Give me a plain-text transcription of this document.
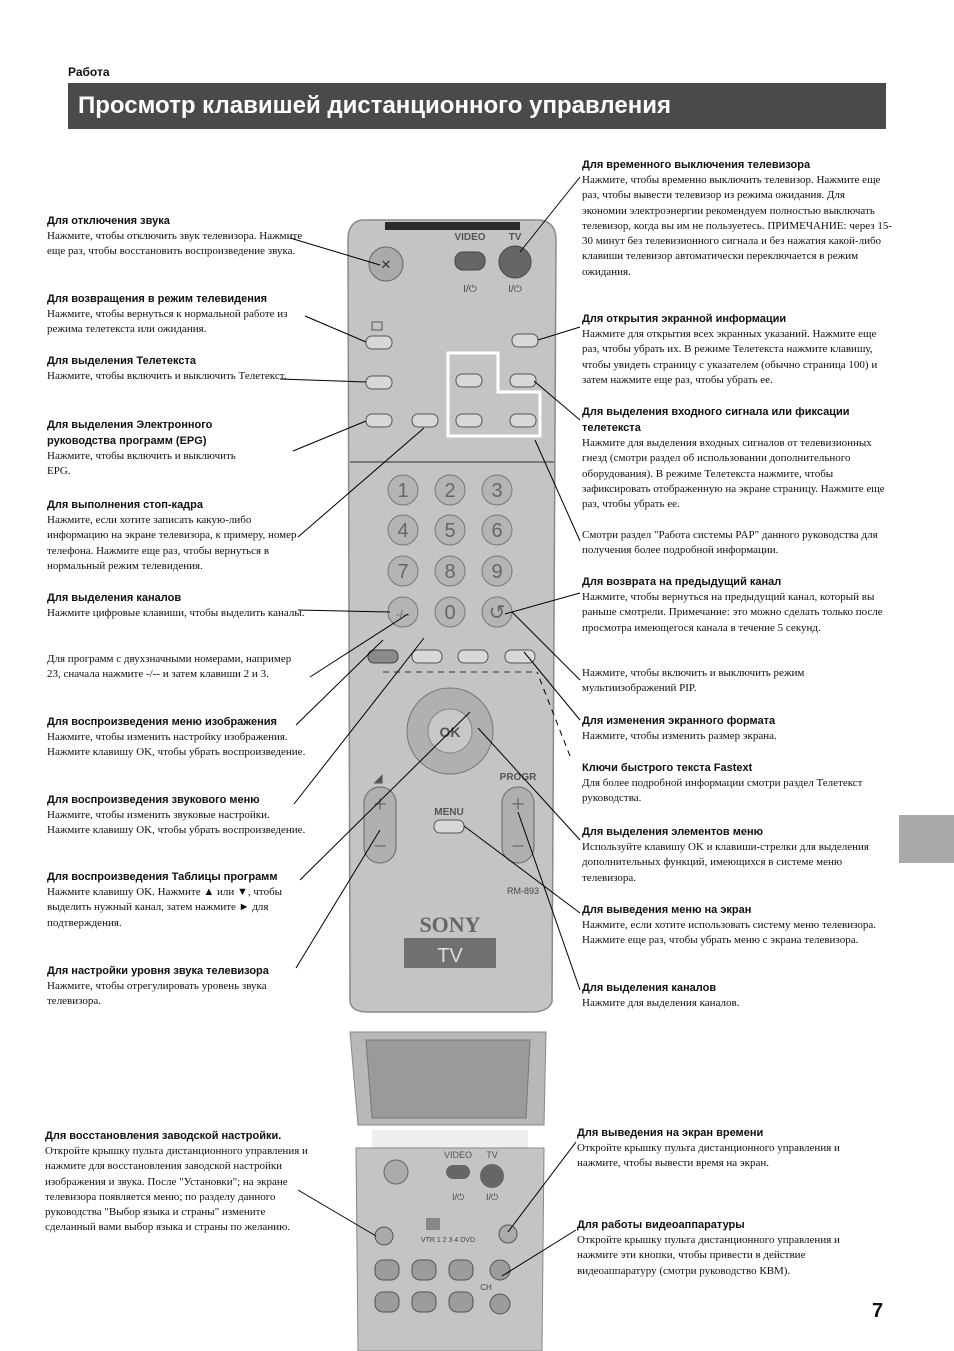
Работа
Просмотр клавишей дистанционного управления
Для отключения звука
Нажмите, чтобы отключить звук телевизора. Нажмите еще раз, чтобы восстановить воспроизведение звука.
Для возвращения в режим телевидения
Нажмите, чтобы вернуться к нормальной работе из режима телетекста или ожидания.
Для выделения Телетекста
Нажмите, чтобы включить и выключить Телетекст.
Для выделения Электронного руководства программ (EPG)
Нажмите, чтобы включить и выключить EPG.
Для выполнения стоп-кадра
Нажмите, если хотите записать какую-либо информацию на экране телевизора, к примеру, номер телефона. Нажмите еще раз, чтобы вернуться в нормальный режим телевидения.
Для выделения каналов
Нажмите цифровые клавиши, чтобы выделить каналы.
Для программ с двухзначными номерами, например 23, сначала нажмите -/-- и затем клавиши 2 и 3.
Для воспроизведения меню изображения
Нажмите, чтобы изменить настройку изображения. Нажмите клавишу OK, чтобы убрать воспроизведение.
Для воспроизведения звукового меню
Нажмите, чтобы изменить звуковые настройки. Нажмите клавишу OK, чтобы убрать воспроизведение.
Для воспроизведения Таблицы программ
Нажмите клавишу OK. Нажмите ▲ или ▼, чтобы выделить нужный канал, затем нажмите ► для подтверждения.
Для настройки уровня звука телевизора
Нажмите, чтобы отрегулировать уровень звука телевизора.
Для восстановления заводской настройки.
Откройте крышку пульта дистанционного управления и нажмите для восстановления заводской настройки изображения и звука. После "Установки"; на экране телевизора появляется меню; по разделу данного руководства "Выбор языка и страны" измените сделанный вами выбор языка и страны по желанию.
Для временного выключения телевизора
Нажмите, чтобы временно выключить телевизор. Нажмите еще раз, чтобы вывести телевизор из режима ожидания. Для экономии электроэнергии рекомендуем полностью выключать телевизор, когда вы им не пользуетесь. ПРИМЕЧАНИЕ: через 15-30 минут без телевизионного сигнала и без нажатия какой-либо клавиши телевизор автоматически переключается в режим ожидания.
Для открытия экранной информации
Нажмите для открытия всех экранных указаний. Нажмите еще раз, чтобы убрать их. В режиме Телетекста нажмите клавишу, чтобы увидеть страницу с указателем (обычно страница 100) и затем нажмите еще раз, чтобы убрать ее.
Для выделения входного сигнала или фиксации телетекста
Нажмите для выделения входных сигналов от телевизионных гнезд (смотри раздел об использовании дополнительного оборудования). В режиме Телетекста нажмите, чтобы зафиксировать отображенную на экране страницу. Нажмите еще раз, чтобы убрать ее.
Смотри раздел "Работа системы PAP" данного руководства для получения более подробной информации.
Для возврата на предыдущий канал
Нажмите, чтобы вернуться на предыдущий канал, который вы раньше смотрели. Примечание: это можно сделать только после просмотра имеющегося канала в течение 5 секунд.
Нажмите, чтобы включить и выключить режим мультиизображений PIP.
Для изменения экранного формата
Нажмите, чтобы изменить размер экрана.
Ключи быстрого текста Fastext
Для более подробной информации смотри раздел Телетекст руководства.
Для выделения элементов меню
Используйте клавишу OK и клавиши-стрелки для выделения дополнительных функций, имеющихся в системе меню телевизора.
Для выведения меню на экран
Нажмите, если хотите использовать систему меню телевизора. Нажмите еще раз, чтобы убрать меню с экрана телевизора.
Для выделения каналов
Нажмите для выделения каналов.
Для выведения на экран времени
Откройте крышку пульта дистанционного управления и нажмите, чтобы вывести время на экран.
Для работы видеоаппаратуры
Откройте крышку пульта дистанционного управления и нажмите эти кнопки, чтобы привести в действие видеоаппаратуру (смотри руководство КВМ).
7
✕
VIDEO TV
I/⏻	I/⏻
1 2 3
4 5 6
7 8 9
-/-- 0 ↺
OK
◢
+
−
MENU
PROGR
+
−
RM-893
SONY
TV
VIDEO TV
I/⏻ I/⏻
VTR 1 2 3 4 DVD
CH
